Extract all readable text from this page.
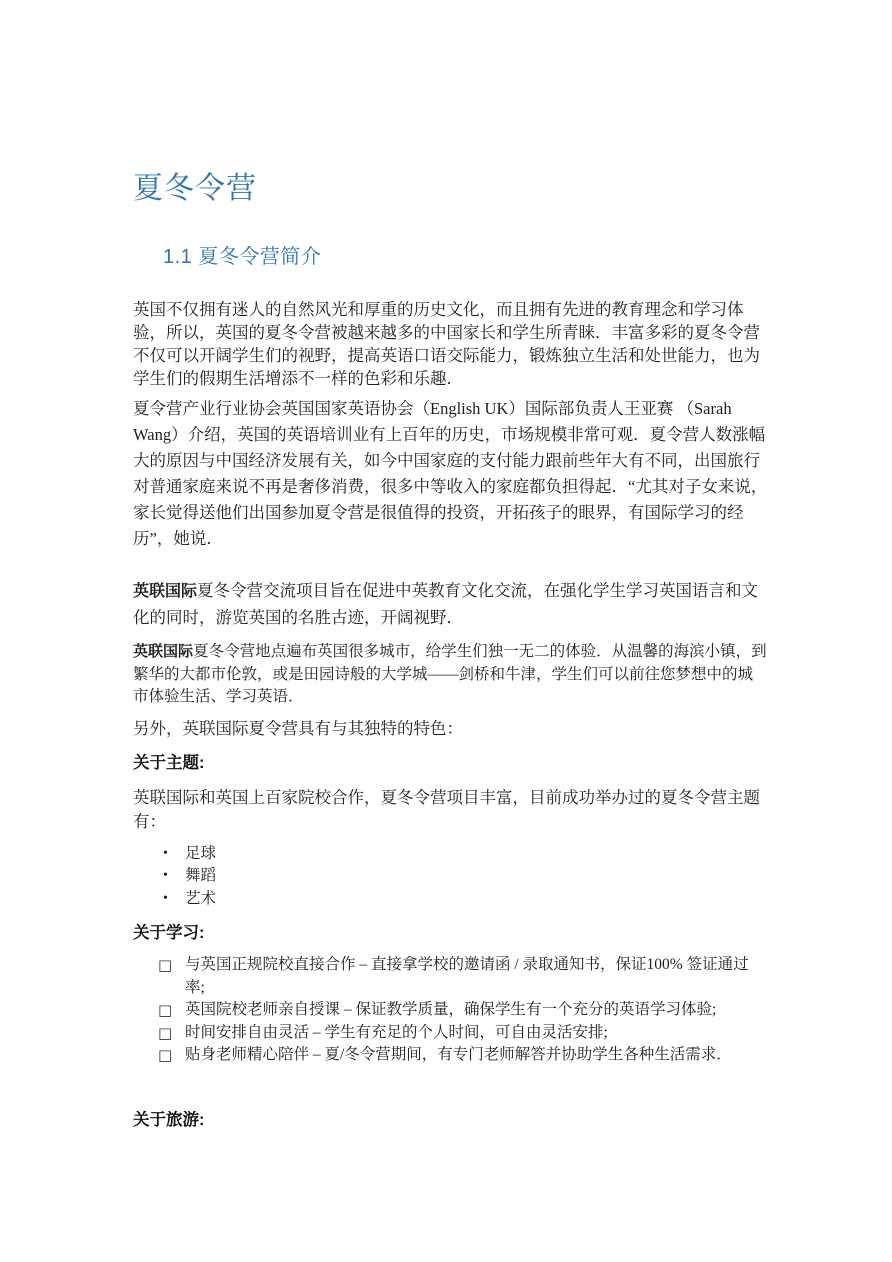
夏冬令营
1.1 夏冬令营简介

英国不仅拥有迷人的自然风光和厚重的历史文化，而且拥有先进的教育理念和学习体验，所以，英国的夏冬令营被越来越多的中国家长和学生所青睐．丰富多彩的夏冬令营不仅可以开阔学生们的视野，提高英语口语交际能力，锻炼独立生活和处世能力，也为学生们的假期生活增添不一样的色彩和乐趣．

夏令营产业行业协会英国国家英语协会（English UK）国际部负责人王亚赛 （Sarah Wang）介绍，英国的英语培训业有上百年的历史，市场规模非常可观．夏令营人数涨幅大的原因与中国经济发展有关，如今中国家庭的支付能力跟前些年大有不同，出国旅行对普通家庭来说不再是奢侈消费，很多中等收入的家庭都负担得起．“尤其对子女来说，家长觉得送他们出国参加夏令营是很值得的投资，开拓孩子的眼界，有国际学习的经历”，她说．

英联国际夏冬令营交流项目旨在促进中英教育文化交流，在强化学生学习英国语言和文化的同时，游览英国的名胜古迹，开阔视野．

英联国际夏冬令营地点遍布英国很多城市，给学生们独一无二的体验．从温馨的海滨小镇，到繁华的大都市伦敦，或是田园诗般的大学城——剑桥和牛津，学生们可以前往您梦想中的城市体验生活、学习英语．

另外，英联国际夏令营具有与其独特的特色：

关于主题:

英联国际和英国上百家院校合作，夏冬令营项目丰富，目前成功举办过的夏冬令营主题有：

•	足球
•	舞蹈
•	艺术

关于学习:

□ 与英国正规院校直接合作 – 直接拿学校的邀请函 / 录取通知书，保证100% 签证通过率;
□ 英国院校老师亲自授课 – 保证教学质量，确保学生有一个充分的英语学习体验;
□ 时间安排自由灵活 – 学生有充足的个人时间，可自由灵活安排;
□ 贴身老师精心陪伴 – 夏/冬令营期间，有专门老师解答并协助学生各种生活需求．

关于旅游:
